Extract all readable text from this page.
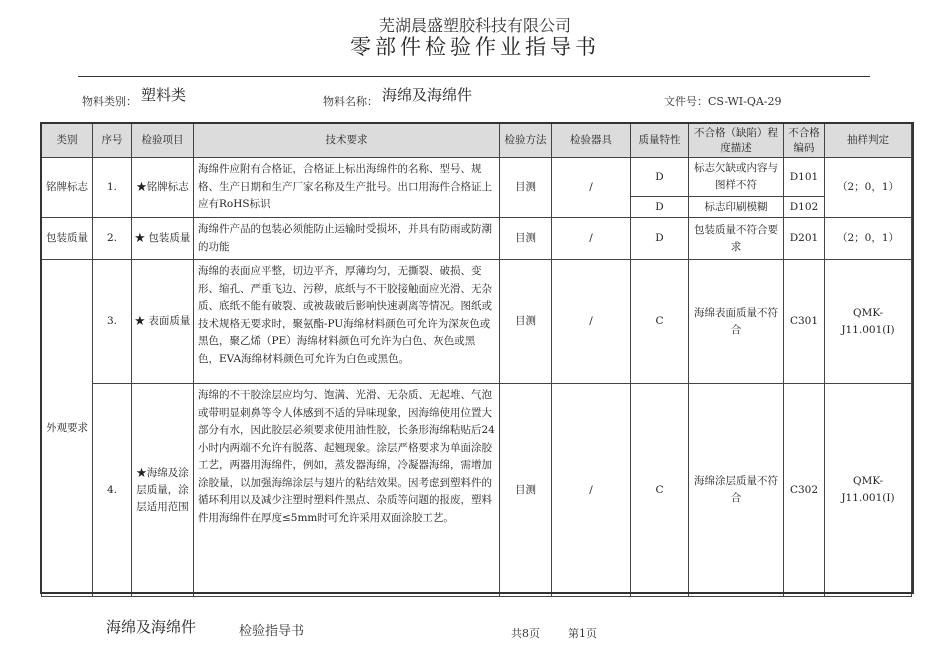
芜湖晨盛塑胶科技有限公司
零部件检验作业指导书
物料类别： 塑料类	物料名称： 海绵及海绵件	文件号：CS-WI-QA-29
类别	序号	检验项目	技术要求	检验方法	检验器具	质量特性	不合格（缺陷）程度描述	不合格编码	抽样判定
铭牌标志	1.	★铭牌标志	海绵件应附有合格证，合格证上标出海绵件的名称、型号、规格、生产日期和生产厂家名称及生产批号。出口用海件合格证上应有RoHS标识	目测	/	D	标志欠缺或内容与图样不符	D101	（2；0，1）
						D	标志印刷模糊	D102	
包装质量	2.	★ 包装质量	海绵件产品的包装必须能防止运输时受损坏，并具有防雨或防潮的功能	目测	/	D	包装质量不符合要求	D201	（2；0，1）
外观要求	3.	★ 表面质量	海绵的表面应平整，切边平齐，厚薄均匀，无撕裂、破损、变形、缩孔、严重飞边、污秽，底纸与不干胶接触面应光滑、无杂质、底纸不能有破裂、或被裁破后影响快速剥离等情况。图纸或技术规格无要求时，聚氨酯-PU海绵材料颜色可允许为深灰色或黑色，聚乙烯（PE）海绵材料颜色可允许为白色、灰色或黑色，EVA海绵材料颜色可允许为白色或黑色。	目测	/	C	海绵表面质量不符合	C301	QMK-J11.001(Ⅰ)
	4.	★海绵及涂层质量，涂层适用范围	海绵的不干胶涂层应均匀、饱满、光滑、无杂质、无起堆、气泡或带明显刺鼻等令人体感到不适的异味现象，因海绵使用位置大部分有水，因此胶层必须要求使用油性胶，长条形海绵粘贴后24小时内两端不允许有脱落、起翘现象。涂层严格要求为单面涂胶工艺，两器用海绵件，例如，蒸发器海绵，冷凝器海绵，需增加涂胶量，以加强海绵涂层与翅片的粘结效果。因考虑到塑料件的循环利用以及减少注塑时塑料件黑点、杂质等问题的报废，塑料件用海绵件在厚度≤5mm时可允许采用双面涂胶工艺。	目测	/	C	海绵涂层质量不符合	C302	QMK-J11.001(Ⅰ)
海绵及海绵件	检验指导书	共8页	第1页
